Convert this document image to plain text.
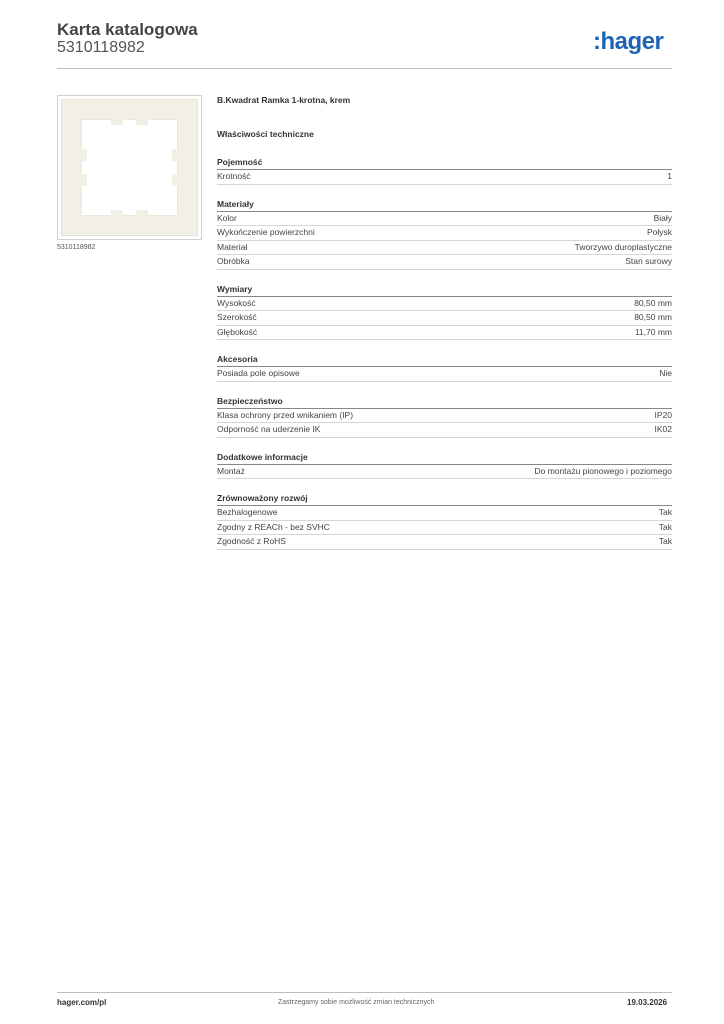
Karta katalogowa
5310118982	:hager
5310118982
B.Kwadrat Ramka 1-krotna, krem
Właściwości techniczne
Pojemność
Krotność	1
Materiały
Kolor	Biały
Wykończenie powierzchni	Połysk
Materiał	Tworzywo duroplastyczne
Obróbka	Stan surowy
Wymiary
Wysokość	80,50 mm
Szerokość	80,50 mm
Głębokość	11,70 mm
Akcesoria
Posiada pole opisowe	Nie
Bezpieczeństwo
Klasa ochrony przed wnikaniem (IP)	IP20
Odporność na uderzenie IK	IK02
Dodatkowe informacje
Montaż	Do montażu pionowego i poziomego
Zrównoważony rozwój
Bezhalogenowe	Tak
Zgodny z REACh - bez SVHC	Tak
Zgodność z RoHS	Tak
hager.com/pl	Zastrzegamy sobie możliwość zmian technicznych	19.03.2026
